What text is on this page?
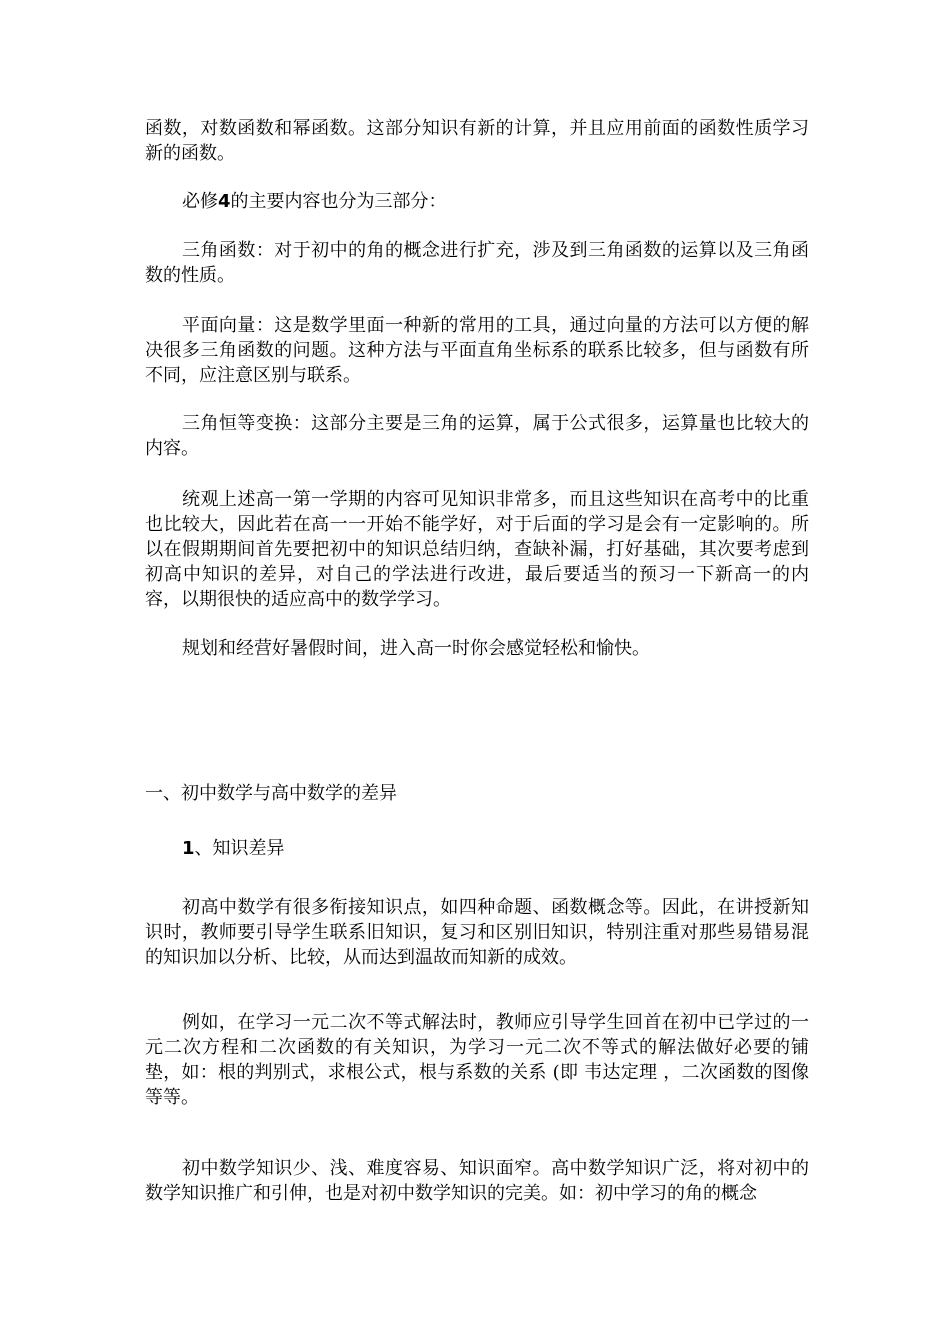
函数，对数函数和幂函数。这部分知识有新的计算，并且应用前面的函数性质学习新的函数。

必修4的主要内容也分为三部分：

三角函数：对于初中的角的概念进行扩充，涉及到三角函数的运算以及三角函数的性质。

平面向量：这是数学里面一种新的常用的工具，通过向量的方法可以方便的解决很多三角函数的问题。这种方法与平面直角坐标系的联系比较多，但与函数有所不同，应注意区别与联系。

三角恒等变换：这部分主要是三角的运算，属于公式很多，运算量也比较大的内容。

统观上述高一第一学期的内容可见知识非常多，而且这些知识在高考中的比重也比较大，因此若在高一一开始不能学好，对于后面的学习是会有一定影响的。所以在假期期间首先要把初中的知识总结归纳，查缺补漏，打好基础，其次要考虑到初高中知识的差异，对自己的学法进行改进，最后要适当的预习一下新高一的内容，以期很快的适应高中的数学学习。

规划和经营好暑假时间，进入高一时你会感觉轻松和愉快。

一、初中数学与高中数学的差异

1、知识差异

初高中数学有很多衔接知识点，如四种命题、函数概念等。因此，在讲授新知识时，教师要引导学生联系旧知识，复习和区别旧知识，特别注重对那些易错易混的知识加以分析、比较，从而达到温故而知新的成效。

例如，在学习一元二次不等式解法时，教师应引导学生回首在初中已学过的一元二次方程和二次函数的有关知识，为学习一元二次不等式的解法做好必要的铺垫，如：根的判别式，求根公式，根与系数的关系 (即 韦达定理 ，二次函数的图像等等。

初中数学知识少、浅、难度容易、知识面窄。高中数学知识广泛，将对初中的数学知识推广和引伸，也是对初中数学知识的完美。如：初中学习的角的概念
